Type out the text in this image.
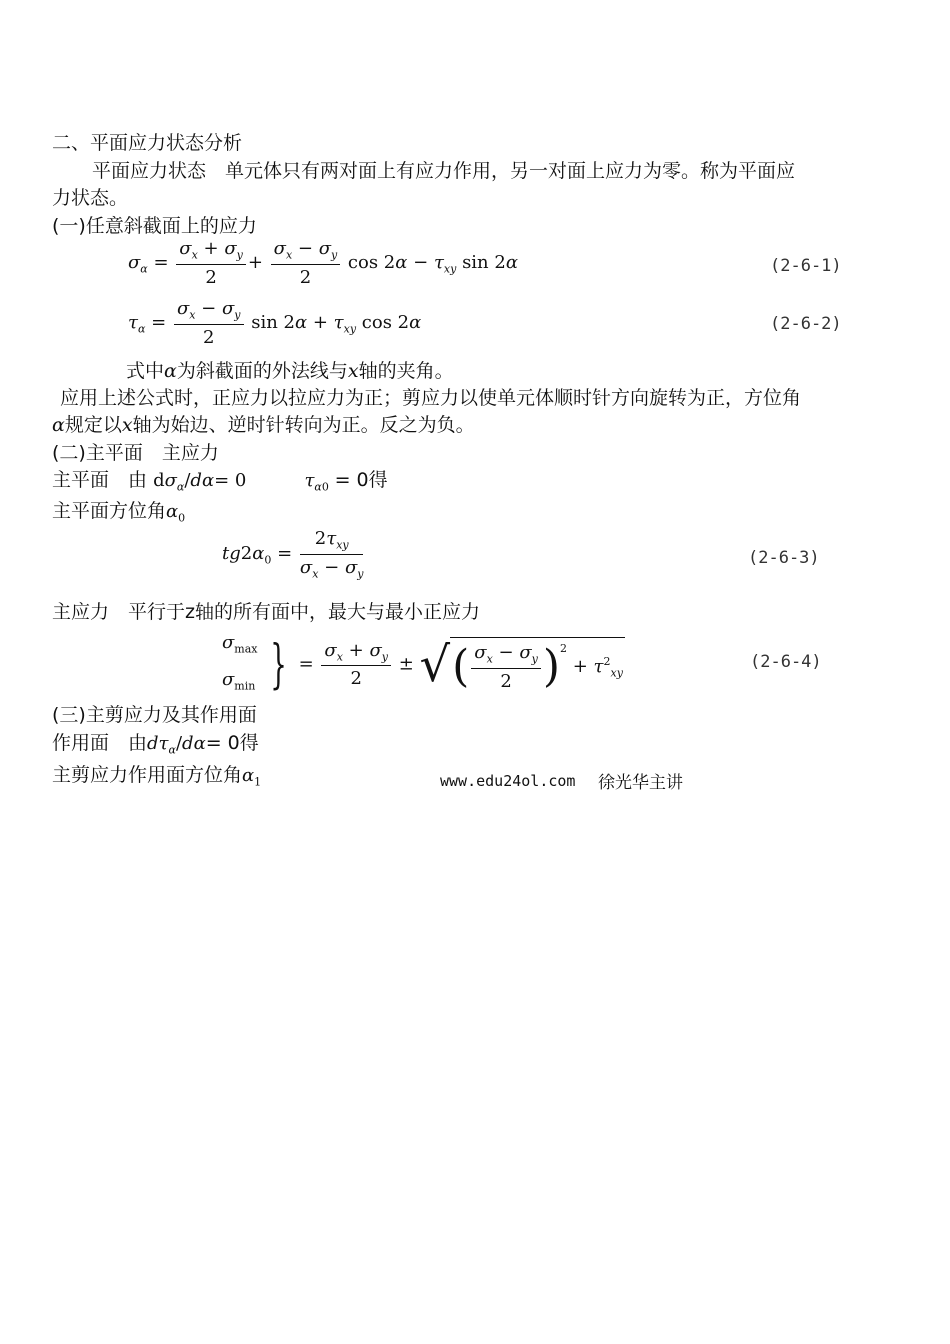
二、平面应力状态分析
平面应力状态　单元体只有两对面上有应力作用，另一对面上应力为零。称为平面应
力状态。
(一)任意斜截面上的应力
$\sigma_\alpha = \frac{\sigma_x + \sigma_y}{2} + \frac{\sigma_x - \sigma_y}{2}$ $\cos 2\alpha - \tau_{xy}$ sin 2α	(2-6-1)
$\tau_\alpha = \frac{\sigma_x - \sigma_y}{2}$ $\sin 2\alpha + \tau_{xy}$ cos 2α	(2-6-2)
式中α为斜截面的外法线与x轴的夹角。
应用上述公式时，正应力以拉应力为正；剪应力以使单元体顺时针方向旋转为正，方位角
α规定以x轴为始边、逆时针转向为正。反之为负。
(二)主平面　主应力
主平面　由 $d\sigma_\alpha/d\alpha= 0$	$\tau_{\alpha 0} = 0$得
主平面方位角$\alpha_0$
$tg2\alpha_0 = \frac{2\tau_{xy}}{\sigma_x - \sigma_y}$	(2-6-3)
主应力　平行于z轴的所有面中，最大与最小正应力
$\sigma_{max}$
$\sigma_{min}$ } = $\frac{\sigma_x + \sigma_y}{2}$ ± √( $\frac{\sigma_x - \sigma_y}{2} )^2 + \tau^2_{xy}$
(2-6-4)
(三)主剪应力及其作用面
作用面　由$d\tau_\alpha/d\alpha= 0$得
主剪应力作用面方位角$\alpha_1$	www.edu24ol.com 徐光华主讲
